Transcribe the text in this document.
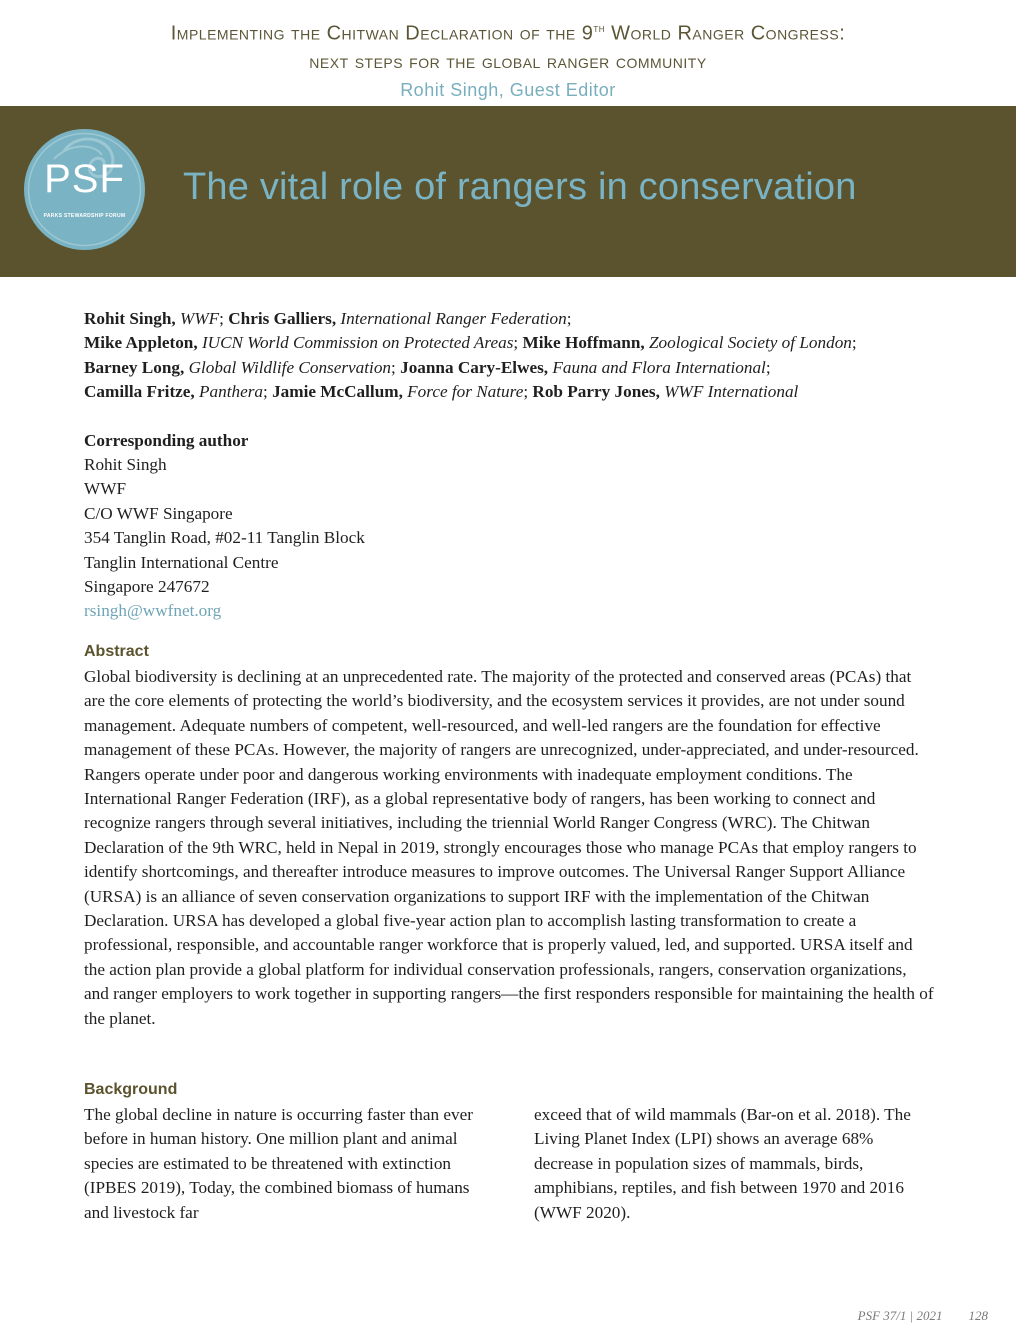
Implementing the Chitwan Declaration of the 9th World Ranger Congress:
next steps for the global ranger community
Rohit Singh, Guest Editor
PSF
PARKS STEWARDSHIP FORUM
The vital role of rangers in conservation

Rohit Singh, WWF; Chris Galliers, International Ranger Federation;

Mike Appleton, IUCN World Commission on Protected Areas; Mike Hoffmann, Zoological Society of London;

Barney Long, Global Wildlife Conservation; Joanna Cary-Elwes, Fauna and Flora International;

Camilla Fritze, Panthera; Jamie McCallum, Force for Nature; Rob Parry Jones, WWF International

Corresponding author
Rohit Singh
WWF
C/O WWF Singapore
354 Tanglin Road, #02-11 Tanglin Block
Tanglin International Centre
Singapore 247672
rsingh@wwfnet.org
Abstract

Global biodiversity is declining at an unprecedented rate. The majority of the protected and conserved areas (PCAs) that are the core elements of protecting the world’s biodiversity, and the ecosystem services it provides, are not under sound management. Adequate numbers of competent, well-resourced, and well-led rangers are the foundation for effective management of these PCAs. However, the majority of rangers are unrecognized, under-appreciated, and under-resourced. Rangers operate under poor and dangerous working environments with inadequate employment conditions. The International Ranger Federation (IRF), as a global representative body of rangers, has been working to connect and recognize rangers through several initiatives, including the triennial World Ranger Congress (WRC). The Chitwan Declaration of the 9th WRC, held in Nepal in 2019, strongly encourages those who manage PCAs that employ rangers to identify shortcomings, and thereafter introduce measures to improve outcomes. The Universal Ranger Support Alliance (URSA) is an alliance of seven conservation organizations to support IRF with the implementation of the Chitwan Declaration. URSA has developed a global five-year action plan to accomplish lasting transformation to create a professional, responsible, and accountable ranger workforce that is properly valued, led, and supported. URSA itself and the action plan provide a global platform for individual conservation professionals, rangers, conservation organizations, and ranger employers to work together in supporting rangers—the first responders responsible for maintaining the health of the planet.

Background

The global decline in nature is occurring faster than ever before in human history. One million plant and animal species are estimated to be threatened with extinction (IPBES 2019), Today, the combined biomass of humans and livestock far

exceed that of wild mammals (Bar-on et al. 2018). The Living Planet Index (LPI) shows an average 68% decrease in population sizes of mammals, birds, amphibians, reptiles, and fish between 1970 and 2016 (WWF 2020).

PSF 37/1 | 2021 128
